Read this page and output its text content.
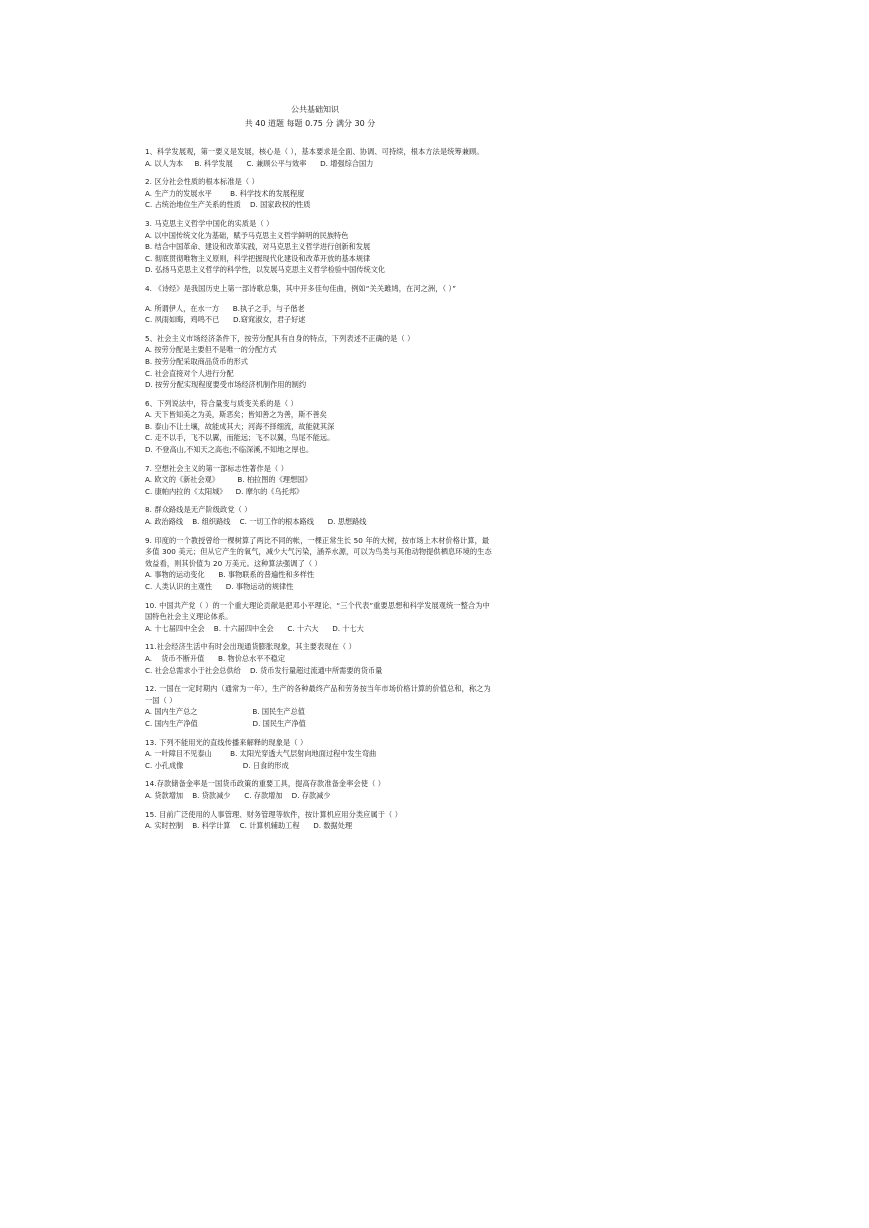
公共基础知识
共 40 道题 每题 0.75 分 满分 30 分
1、科学发展观，第一要义是发展，核心是（ ），基本要求是全面、协调、可持续，根本方法是统筹兼顾。
A. 以人为本     B. 科学发展      C. 兼顾公平与效率      D. 增强综合国力
2. 区分社会性质的根本标准是（ ）
A. 生产力的发展水平        B. 科学技术的发展程度
C. 占统治地位生产关系的性质    D. 国家政权的性质
3. 马克思主义哲学中国化的实质是（ ）
A. 以中国传统文化为基础，赋予马克思主义哲学鲜明的民族特色
B. 结合中国革命、建设和改革实践，对马克思主义哲学进行创新和发展
C. 彻底贯彻唯物主义原则，科学把握现代化建设和改革开放的基本规律
D. 弘扬马克思主义哲学的科学性，以发展马克思主义哲学检验中国传统文化
4. 《诗经》是我国历史上第一部诗歌总集，其中开多佳句佳曲，例如“关关雎鸠，在河之洲，（ ）”
A. 所谓伊人，在水一方      B.执子之手，与子偕老
C. 夙雨如晦，鸡鸣不已      D.窈窕淑女，君子好逑
5、社会主义市场经济条件下，按劳分配具有自身的特点，下列表述不正确的是（ ）
A. 按劳分配是主要但不是唯一的分配方式
B. 按劳分配采取商品货币的形式
C. 社会直接对个人进行分配
D. 按劳分配实现程度要受市场经济机制作用的制约
6、下列说法中，符合量变与质变关系的是（ ）
A. 天下皆知美之为美，斯恶矣；皆知善之为善，斯不善矣
B. 泰山不让土壤，故能成其大；河海不择细流，故能就其深
C. 走不以手，飞不以翼，而能远；飞不以翼，鸟尾不能远。
D. 不登高山,不知天之高也;不临深溪,不知地之厚也。
7. 空想社会主义的第一部标志性著作是（ ）
A. 欧文的《新社会观》        B. 柏拉图的《理想国》
C. 康帕内拉的《太阳城》    D. 摩尔的《乌托邦》
8. 群众路线是无产阶级政党（ ）
A. 政治路线    B. 组织路线    C. 一切工作的根本路线      D. 思想路线
9. 印度的一个教授曾给一棵树算了两比不同的帐，一棵正常生长 50 年的大树，按市场上木材价格计算，最多值 300 美元；但从它产生的氧气，减少大气污染，涵养水源，可以为鸟类与其他动物提供栖息环境的生态效益看，则其价值为 20 万美元。这种算法强调了（ ）
A. 事物的运动变化      B. 事物联系的普遍性和多样性
C. 人类认识的主观性      D. 事物运动的规律性
10. 中国共产党（ ）的一个重大理论贡献是把邓小平理论、“三个代表”重要思想和科学发展观统一整合为中国特色社会主义理论体系。
A. 十七届四中全会    B. 十六届四中全会      C. 十六大      D. 十七大
11.社会经济生活中有时会出现通货膨胀现象，其主要表现在（ ）
A.    货币不断升值      B. 物价总水平不稳定
C. 社会总需求小于社会总供给    D. 货币发行量超过流通中所需要的货币量
12. 一国在一定时期内（通常为一年），生产的各种最终产品和劳务按当年市场价格计算的价值总和，称之为一国（ ）
A. 国内生产总之                        B. 国民生产总值
C. 国内生产净值                        D. 国民生产净值
13. 下列不能用光的直线传播来解释的现象是（ ）
A. 一叶障目不见泰山        B. 太阳光穿透大气层射向地面过程中发生弯曲
C. 小孔成像                          D. 日食的形成
14.存款储备金率是一国货币政策的重要工具，提高存款准备金率会使（ ）
A. 贷款增加    B. 贷款减少      C. 存款增加    D. 存款减少
15. 目前广泛使用的人事管理、财务管理等软件，按计算机应用分类应属于（ ）
A. 实时控制    B. 科学计算    C. 计算机辅助工程      D. 数据处理
